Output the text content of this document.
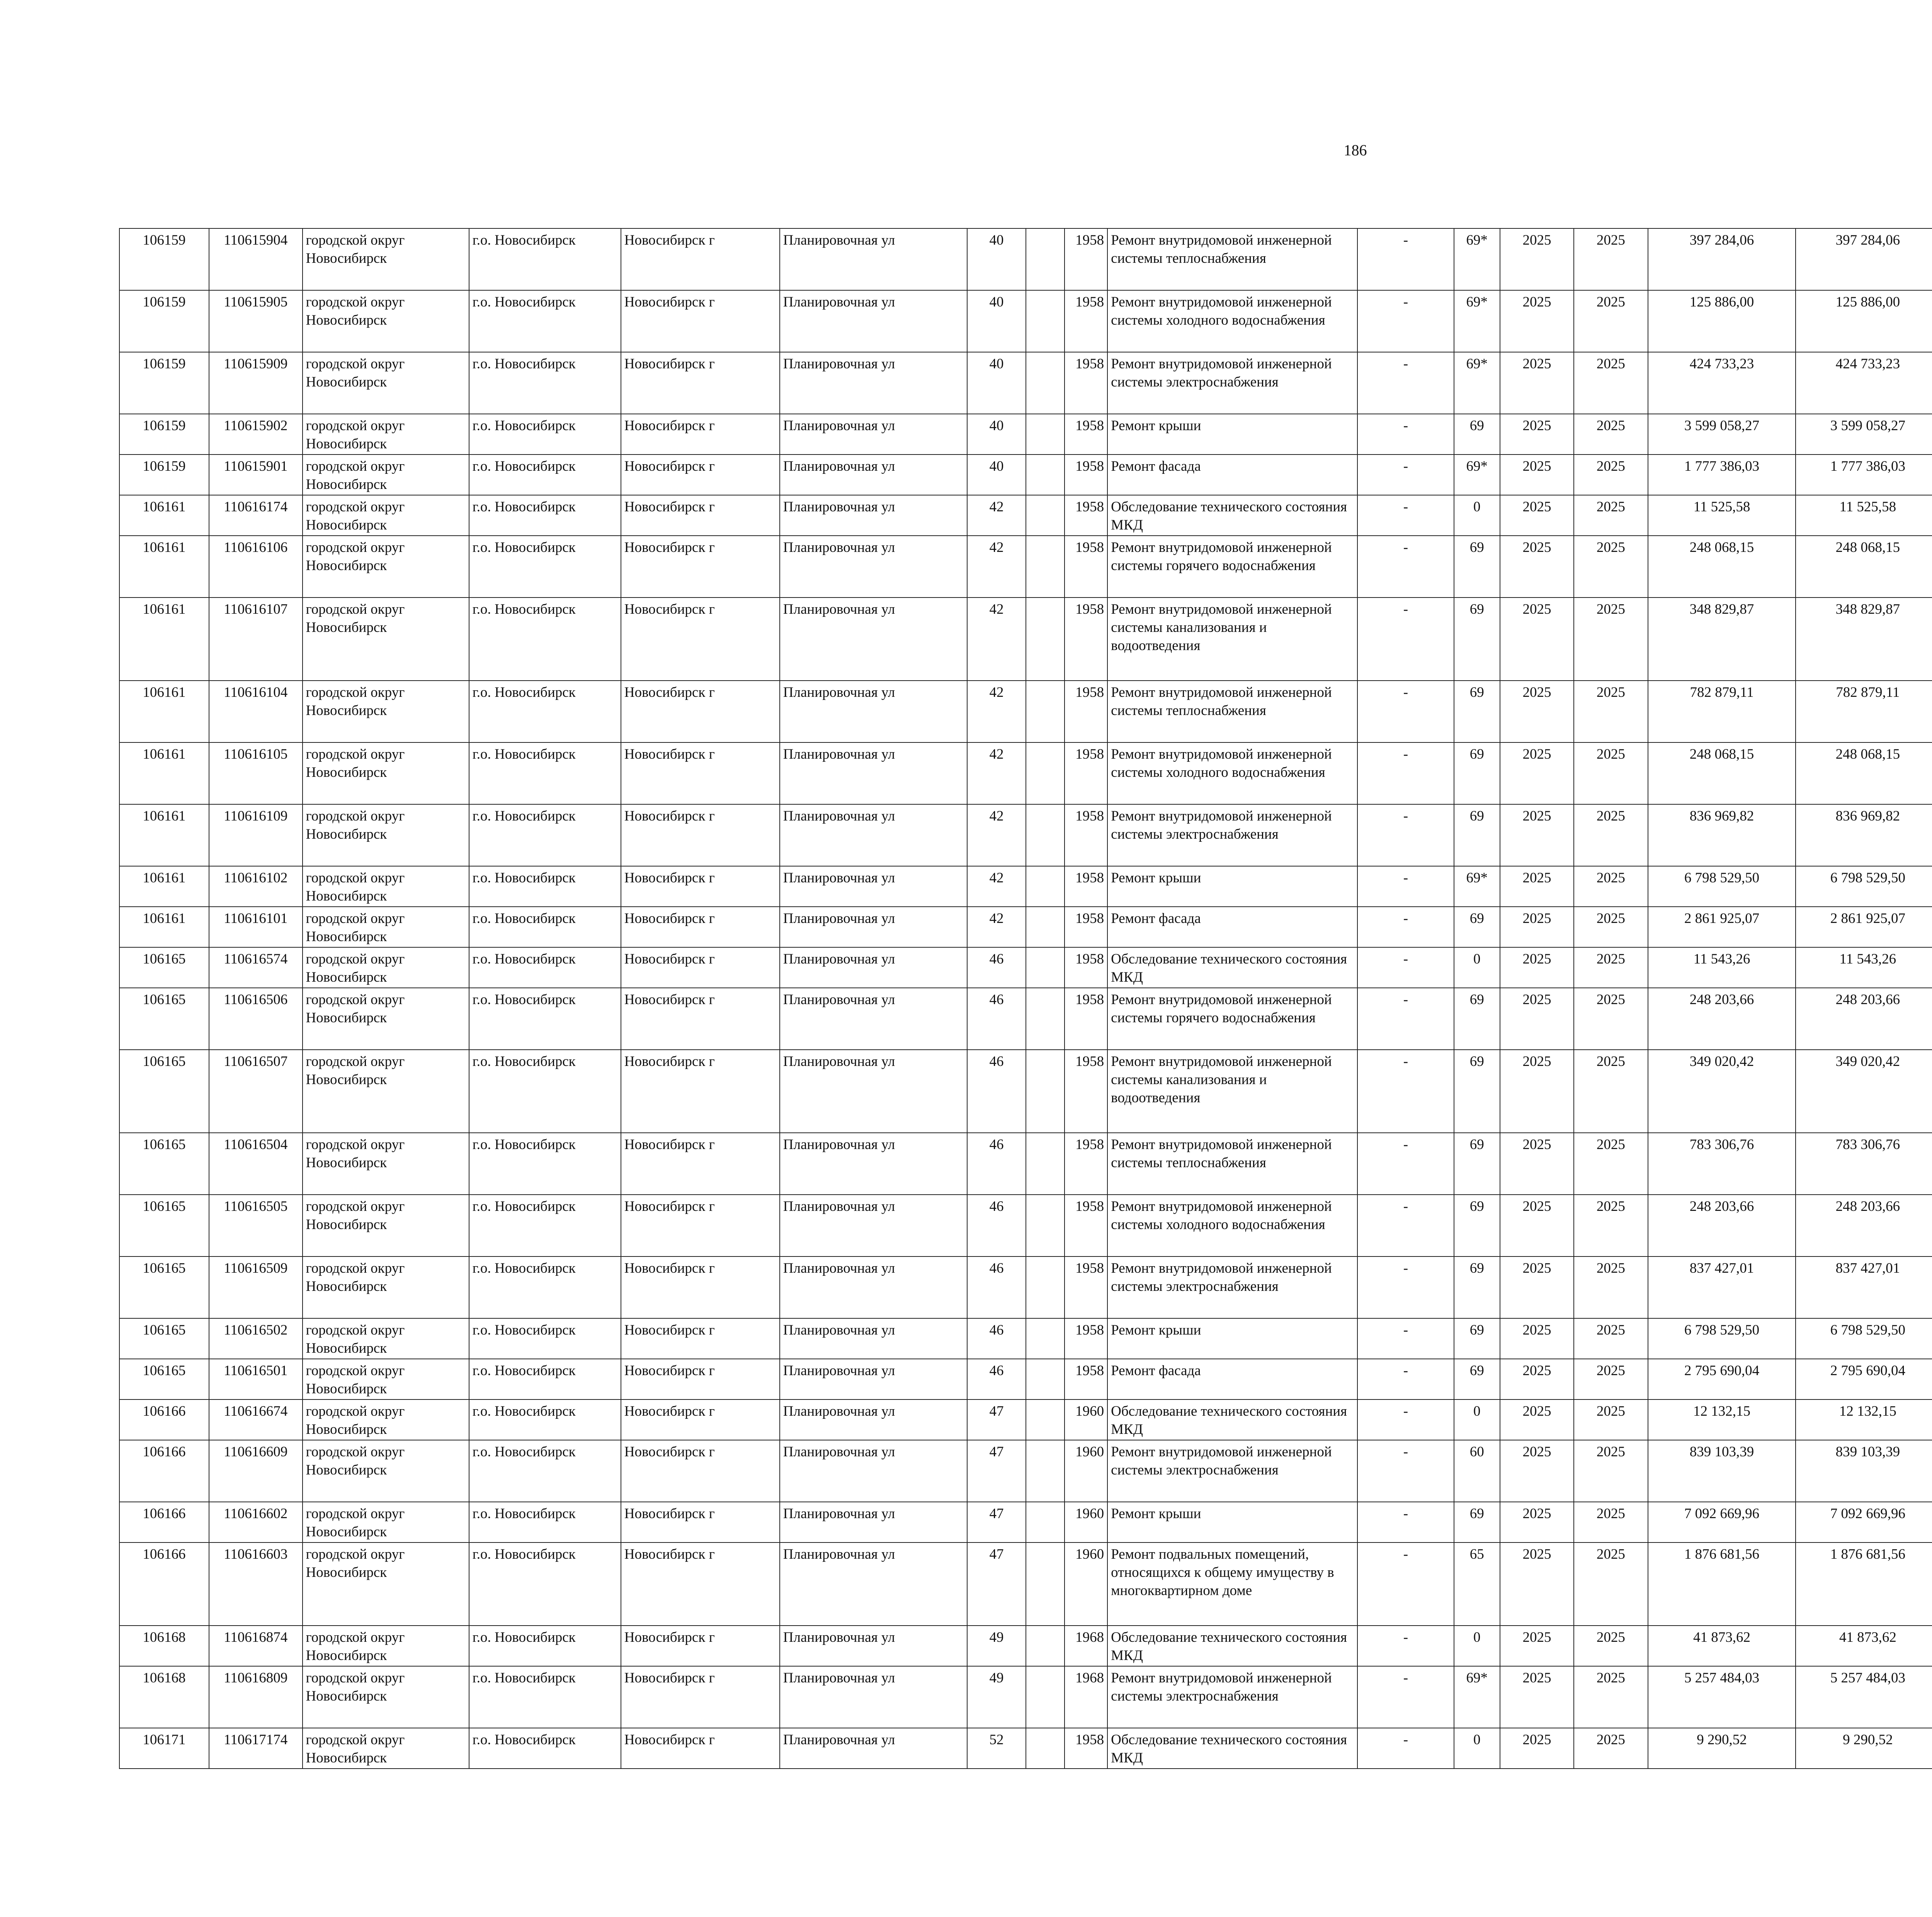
186
106159	110615904	городской округ Новосибирск	г.о. Новосибирск	Новосибирск г	Планировочная ул	40		1958	Ремонт внутридомовой инженерной системы теплоснабжения	-	69*	2025	2025	397 284,06	397 284,06						
106159	110615905	городской округ Новосибирск	г.о. Новосибирск	Новосибирск г	Планировочная ул	40		1958	Ремонт внутридомовой инженерной системы холодного водоснабжения	-	69*	2025	2025	125 886,00	125 886,00						
106159	110615909	городской округ Новосибирск	г.о. Новосибирск	Новосибирск г	Планировочная ул	40		1958	Ремонт внутридомовой инженерной системы электроснабжения	-	69*	2025	2025	424 733,23	424 733,23						
106159	110615902	городской округ Новосибирск	г.о. Новосибирск	Новосибирск г	Планировочная ул	40		1958	Ремонт крыши	-	69	2025	2025	3 599 058,27	3 599 058,27						
106159	110615901	городской округ Новосибирск	г.о. Новосибирск	Новосибирск г	Планировочная ул	40		1958	Ремонт фасада	-	69*	2025	2025	1 777 386,03	1 777 386,03						
106161	110616174	городской округ Новосибирск	г.о. Новосибирск	Новосибирск г	Планировочная ул	42		1958	Обследование технического состояния МКД	-	0	2025	2025	11 525,58	11 525,58						
106161	110616106	городской округ Новосибирск	г.о. Новосибирск	Новосибирск г	Планировочная ул	42		1958	Ремонт внутридомовой инженерной системы горячего водоснабжения	-	69	2025	2025	248 068,15	248 068,15						
106161	110616107	городской округ Новосибирск	г.о. Новосибирск	Новосибирск г	Планировочная ул	42		1958	Ремонт внутридомовой инженерной системы канализования и водоотведения	-	69	2025	2025	348 829,87	348 829,87						
106161	110616104	городской округ Новосибирск	г.о. Новосибирск	Новосибирск г	Планировочная ул	42		1958	Ремонт внутридомовой инженерной системы теплоснабжения	-	69	2025	2025	782 879,11	782 879,11						
106161	110616105	городской округ Новосибирск	г.о. Новосибирск	Новосибирск г	Планировочная ул	42		1958	Ремонт внутридомовой инженерной системы холодного водоснабжения	-	69	2025	2025	248 068,15	248 068,15						
106161	110616109	городской округ Новосибирск	г.о. Новосибирск	Новосибирск г	Планировочная ул	42		1958	Ремонт внутридомовой инженерной системы электроснабжения	-	69	2025	2025	836 969,82	836 969,82						
106161	110616102	городской округ Новосибирск	г.о. Новосибирск	Новосибирск г	Планировочная ул	42		1958	Ремонт крыши	-	69*	2025	2025	6 798 529,50	6 798 529,50						
106161	110616101	городской округ Новосибирск	г.о. Новосибирск	Новосибирск г	Планировочная ул	42		1958	Ремонт фасада	-	69	2025	2025	2 861 925,07	2 861 925,07						
106165	110616574	городской округ Новосибирск	г.о. Новосибирск	Новосибирск г	Планировочная ул	46		1958	Обследование технического состояния МКД	-	0	2025	2025	11 543,26	11 543,26						
106165	110616506	городской округ Новосибирск	г.о. Новосибирск	Новосибирск г	Планировочная ул	46		1958	Ремонт внутридомовой инженерной системы горячего водоснабжения	-	69	2025	2025	248 203,66	248 203,66						
106165	110616507	городской округ Новосибирск	г.о. Новосибирск	Новосибирск г	Планировочная ул	46		1958	Ремонт внутридомовой инженерной системы канализования и водоотведения	-	69	2025	2025	349 020,42	349 020,42						
106165	110616504	городской округ Новосибирск	г.о. Новосибирск	Новосибирск г	Планировочная ул	46		1958	Ремонт внутридомовой инженерной системы теплоснабжения	-	69	2025	2025	783 306,76	783 306,76						
106165	110616505	городской округ Новосибирск	г.о. Новосибирск	Новосибирск г	Планировочная ул	46		1958	Ремонт внутридомовой инженерной системы холодного водоснабжения	-	69	2025	2025	248 203,66	248 203,66						
106165	110616509	городской округ Новосибирск	г.о. Новосибирск	Новосибирск г	Планировочная ул	46		1958	Ремонт внутридомовой инженерной системы электроснабжения	-	69	2025	2025	837 427,01	837 427,01						
106165	110616502	городской округ Новосибирск	г.о. Новосибирск	Новосибирск г	Планировочная ул	46		1958	Ремонт крыши	-	69	2025	2025	6 798 529,50	6 798 529,50						
106165	110616501	городской округ Новосибирск	г.о. Новосибирск	Новосибирск г	Планировочная ул	46		1958	Ремонт фасада	-	69	2025	2025	2 795 690,04	2 795 690,04						
106166	110616674	городской округ Новосибирск	г.о. Новосибирск	Новосибирск г	Планировочная ул	47		1960	Обследование технического состояния МКД	-	0	2025	2025	12 132,15	12 132,15						
106166	110616609	городской округ Новосибирск	г.о. Новосибирск	Новосибирск г	Планировочная ул	47		1960	Ремонт внутридомовой инженерной системы электроснабжения	-	60	2025	2025	839 103,39	839 103,39						
106166	110616602	городской округ Новосибирск	г.о. Новосибирск	Новосибирск г	Планировочная ул	47		1960	Ремонт крыши	-	69	2025	2025	7 092 669,96	7 092 669,96						
106166	110616603	городской округ Новосибирск	г.о. Новосибирск	Новосибирск г	Планировочная ул	47		1960	Ремонт подвальных помещений, относящихся к общему имуществу в многоквартирном доме	-	65	2025	2025	1 876 681,56	1 876 681,56						
106168	110616874	городской округ Новосибирск	г.о. Новосибирск	Новосибирск г	Планировочная ул	49		1968	Обследование технического состояния МКД	-	0	2025	2025	41 873,62	41 873,62						
106168	110616809	городской округ Новосибирск	г.о. Новосибирск	Новосибирск г	Планировочная ул	49		1968	Ремонт внутридомовой инженерной системы электроснабжения	-	69*	2025	2025	5 257 484,03	5 257 484,03						
106171	110617174	городской округ Новосибирск	г.о. Новосибирск	Новосибирск г	Планировочная ул	52		1958	Обследование технического состояния МКД	-	0	2025	2025	9 290,52	9 290,52						
